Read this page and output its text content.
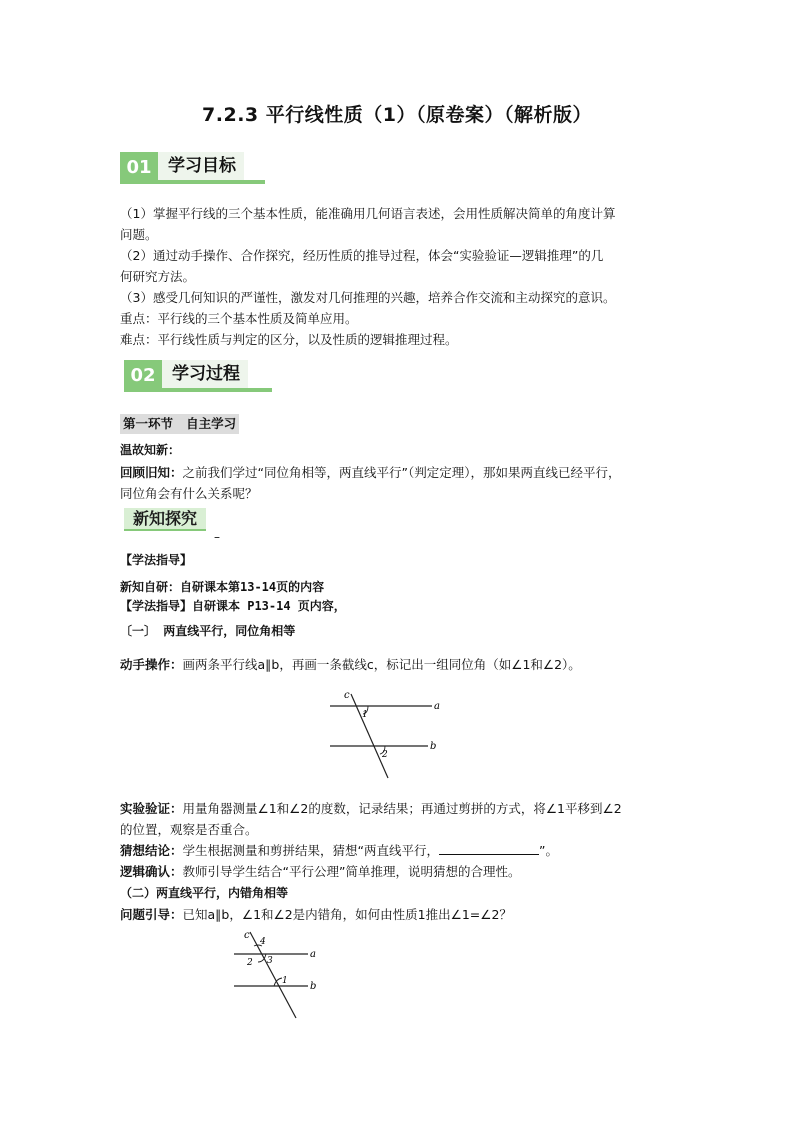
7.2.3 平行线性质（1）（原卷案）（解析版）
01 学习目标
（1）掌握平行线的三个基本性质，能准确用几何语言表述，会用性质解决简单的角度计算
问题。
（2）通过动手操作、合作探究，经历性质的推导过程，体会“实验验证—逻辑推理”的几
何研究方法。
（3）感受几何知识的严谨性，激发对几何推理的兴趣，培养合作交流和主动探究的意识。
重点：平行线的三个基本性质及简单应用。
难点：平行线性质与判定的区分，以及性质的逻辑推理过程。
02 学习过程
第一环节 自主学习
温故知新：
回顾旧知：之前我们学过“同位角相等，两直线平行”（判定定理），那如果两直线已经平行，
同位角会有什么关系呢？
新知探究
–
【学法指导】
新知自研：自研课本第13-14页的内容
【学法指导】自研课本 P13-14 页内容，
〔一〕 两直线平行，同位角相等
动手操作：画两条平行线a∥b，再画一条截线c，标记出一组同位角（如∠1和∠2）。
c
a
b
1
2
实验验证：用量角器测量∠1和∠2的度数，记录结果；再通过剪拼的方式，将∠1平移到∠2
的位置，观察是否重合。
猜想结论：学生根据测量和剪拼结果，猜想“两直线平行，	”。
逻辑确认：教师引导学生结合“平行公理”简单推理，说明猜想的合理性。
（二）两直线平行，内错角相等
问题引导：已知a∥b，∠1和∠2是内错角，如何由性质1推出∠1=∠2？
c
a
b
4
2 3
1
